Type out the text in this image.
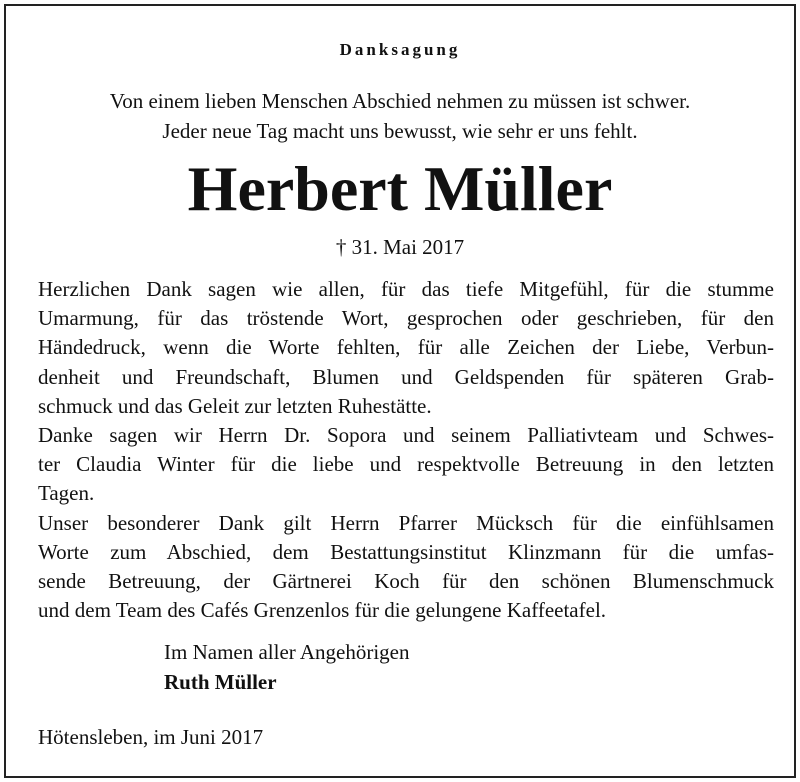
Danksagung
Von einem lieben Menschen Abschied nehmen zu müssen ist schwer.
Jeder neue Tag macht uns bewusst, wie sehr er uns fehlt.
Herbert Müller
† 31. Mai 2017
Herzlichen Dank sagen wie allen, für das tiefe Mitgefühl, für die stumme
Umarmung, für das tröstende Wort, gesprochen oder geschrieben, für den
Händedruck, wenn die Worte fehlten, für alle Zeichen der Liebe, Verbun-
denheit und Freundschaft, Blumen und Geldspenden für späteren Grab-
schmuck und das Geleit zur letzten Ruhestätte.
Danke sagen wir Herrn Dr. Sopora und seinem Palliativteam und Schwes-
ter Claudia Winter für die liebe und respektvolle Betreuung in den letzten
Tagen.
Unser besonderer Dank gilt Herrn Pfarrer Mücksch für die einfühlsamen
Worte zum Abschied, dem Bestattungsinstitut Klinzmann für die umfas-
sende Betreuung, der Gärtnerei Koch für den schönen Blumenschmuck
und dem Team des Cafés Grenzenlos für die gelungene Kaffeetafel.
Im Namen aller Angehörigen
Ruth Müller
Hötensleben, im Juni 2017
